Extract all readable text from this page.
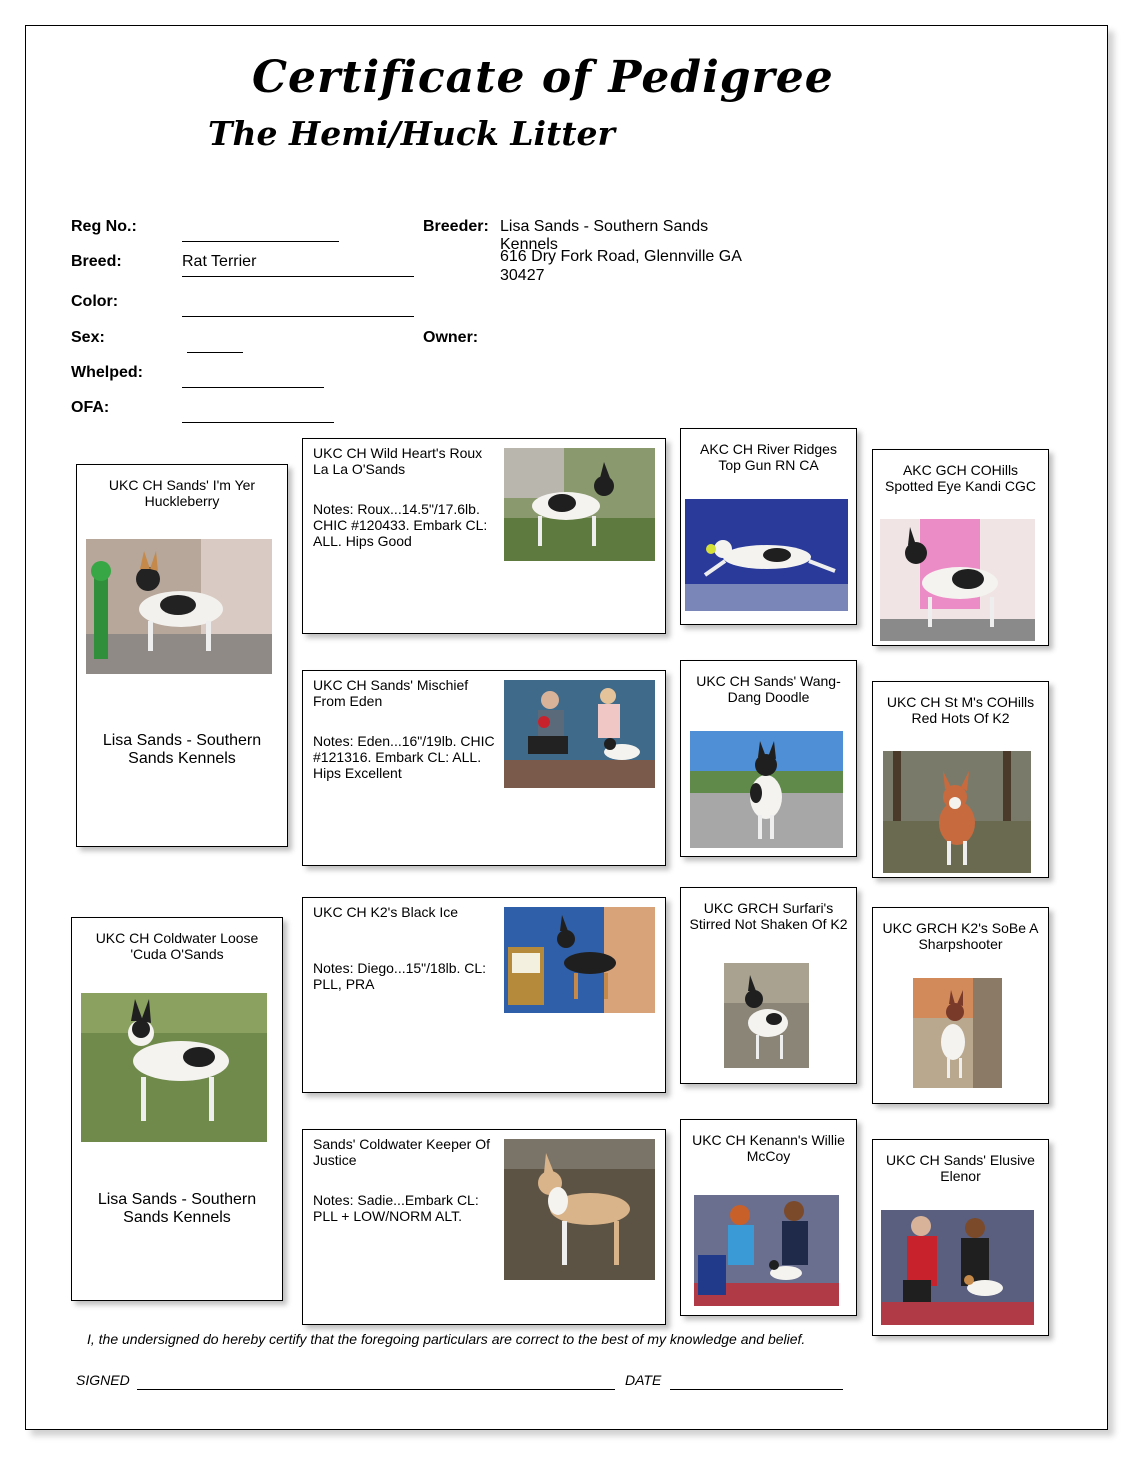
Certificate of Pedigree
The Hemi/Huck Litter
Reg No.:
Breed:	Rat Terrier
Color:
Sex:
Whelped:
OFA:
Breeder: Lisa Sands - Southern Sands Kennels
616 Dry Fork Road, Glennville GA
30427
Owner:
UKC CH Sands' I'm Yer Huckleberry
Lisa Sands - Southern Sands Kennels
UKC CH Coldwater Loose 'Cuda O'Sands
Lisa Sands - Southern Sands Kennels
UKC CH Wild Heart's Roux La La O'Sands
Notes: Roux...14.5"/17.6lb. CHIC #120433. Embark CL: ALL. Hips Good
UKC CH Sands' Mischief From Eden
Notes: Eden...16"/19lb. CHIC #121316. Embark CL: ALL. Hips Excellent
UKC CH K2's Black Ice
Notes: Diego...15"/18lb. CL: PLL, PRA
Sands' Coldwater Keeper Of Justice
Notes: Sadie...Embark CL: PLL + LOW/NORM ALT.
AKC CH River Ridges Top Gun RN CA
UKC CH Sands' Wang-Dang Doodle
UKC GRCH Surfari's Stirred Not Shaken Of K2
UKC CH Kenann's Willie McCoy
AKC GCH COHills Spotted Eye Kandi CGC
UKC CH St M's COHills Red Hots Of K2
UKC GRCH K2's SoBe A Sharpshooter
UKC CH Sands' Elusive Elenor
I, the undersigned do hereby certify that the foregoing particulars are correct to the best of my knowledge and belief.
SIGNED	DATE
